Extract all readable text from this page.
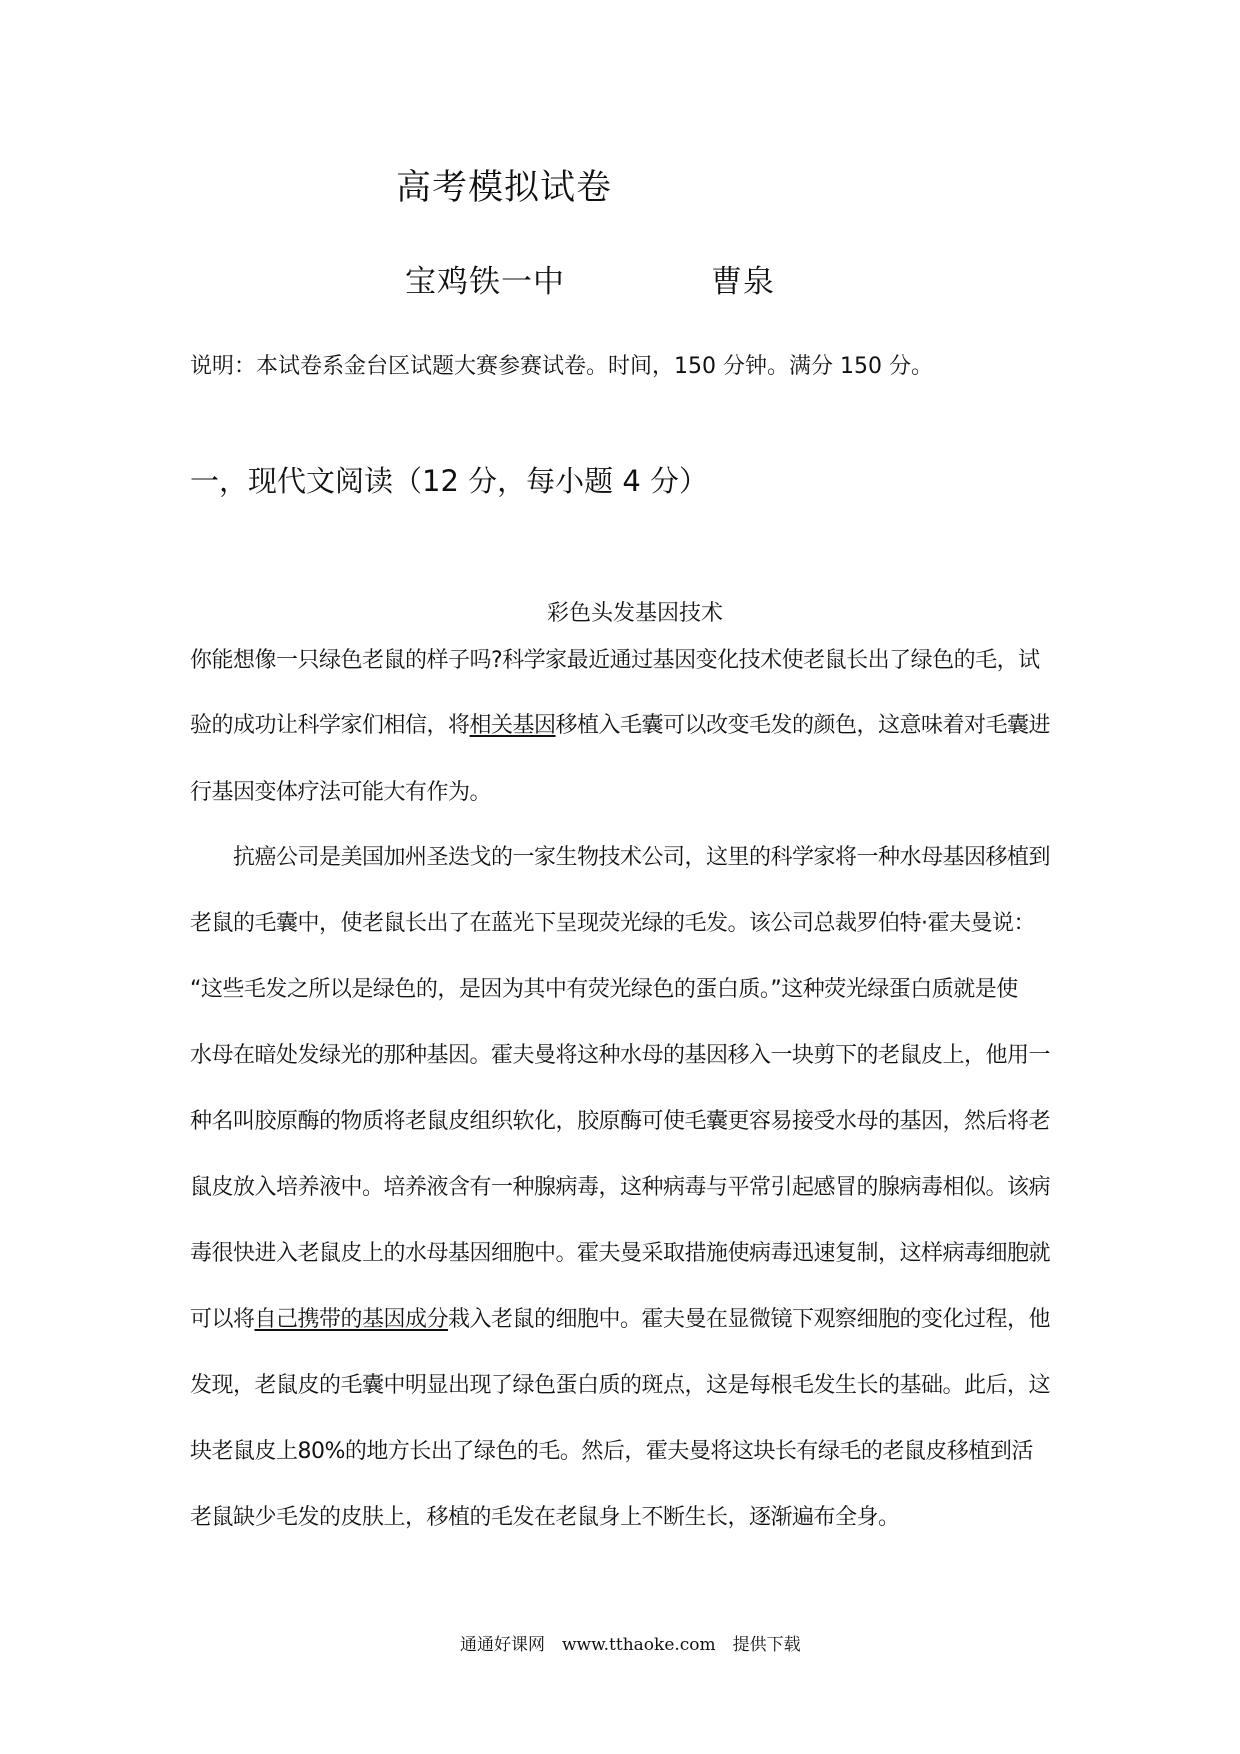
高考模拟试卷
宝鸡铁一中	曹泉
说明：本试卷系金台区试题大赛参赛试卷。时间，150 分钟。满分 150 分。
一，现代文阅读（12 分，每小题 4 分）
彩色头发基因技术
你能想像一只绿色老鼠的样子吗?科学家最近通过基因变化技术使老鼠长出了绿色的毛，试
验的成功让科学家们相信，将相关基因移植入毛囊可以改变毛发的颜色，这意味着对毛囊进
行基因变体疗法可能大有作为。
抗癌公司是美国加州圣迭戈的一家生物技术公司，这里的科学家将一种水母基因移植到
老鼠的毛囊中，使老鼠长出了在蓝光下呈现荧光绿的毛发。该公司总裁罗伯特·霍夫曼说：
“这些毛发之所以是绿色的，是因为其中有荧光绿色的蛋白质。”这种荧光绿蛋白质就是使
水母在暗处发绿光的那种基因。霍夫曼将这种水母的基因移入一块剪下的老鼠皮上，他用一
种名叫胶原酶的物质将老鼠皮组织软化，胶原酶可使毛囊更容易接受水母的基因，然后将老
鼠皮放入培养液中。培养液含有一种腺病毒，这种病毒与平常引起感冒的腺病毒相似。该病
毒很快进入老鼠皮上的水母基因细胞中。霍夫曼采取措施使病毒迅速复制，这样病毒细胞就
可以将自己携带的基因成分栽入老鼠的细胞中。霍夫曼在显微镜下观察细胞的变化过程，他
发现，老鼠皮的毛囊中明显出现了绿色蛋白质的斑点，这是每根毛发生长的基础。此后，这
块老鼠皮上80%的地方长出了绿色的毛。然后，霍夫曼将这块长有绿毛的老鼠皮移植到活
老鼠缺少毛发的皮肤上，移植的毛发在老鼠身上不断生长，逐渐遍布全身。
通通好课网　www.tthaoke.com　提供下载
